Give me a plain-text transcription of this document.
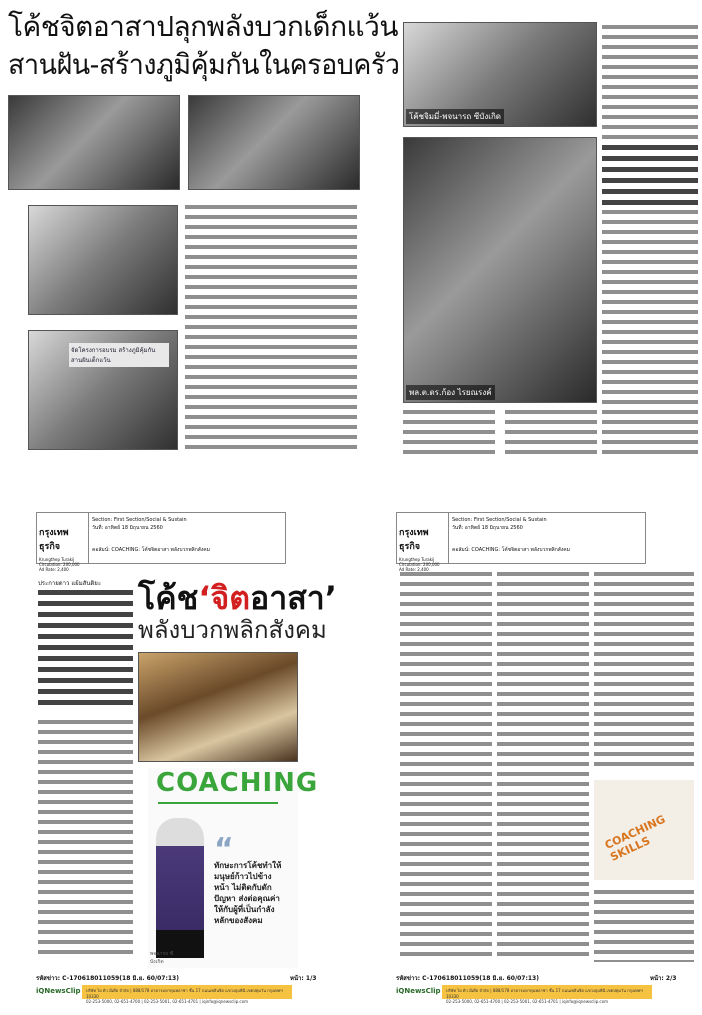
จัดโครงการอบรม สร้างภูมิคุ้มกัน สานฝันเด็กแว้น
โค้ชจิมมี่-พจนารถ ซีบังเกิด
พล.ต.ดร.ก้อง ไรยณรงค์
โค้ชจิตอาสาปลุกพลังบวกเด็กแว้น
สานฝัน-สร้างภูมิคุ้มกันในครอบครัว
กรุงเทพธุรกิจ
Krungthep Turakij
Circulation: 200,000
Ad Rate: 2,400
Section: First Section/Social & Sustain
วันที่: อาทิตย์ 18 มิถุนายน 2560
คอลัมน์: COACHING: โค้ชจิตอาสา พลังบวกพลิกสังคม
ประกายดาว แย้มสันติยะ โค้ช‘จิตอาสา’
พลังบวกพลิกสังคม
COACHING
พจนารถ ซีบังเกิด
“
ทักษะการโค้ชทำให้มนุษย์ก้าวไปข้างหน้า ไม่ติดกับดักปัญหา ส่งต่อคุณค่าให้กับผู้ที่เป็นกำลังหลักของสังคม
รหัสข่าว: C-170618011059(18 มิ.ย. 60/07:13)	หน้า: 1/3
iQNewsClip บริษัท ไอ คิว มีเดีย จำกัด | 888/178 อาคารมหาทุนพลาซ่า ชั้น 17 ถนนเพลินจิต แขวงลุมพินี เขตปทุมวัน กรุงเทพฯ 10330
02-253-5000, 02-651-4700 | 02-253-5001, 02-651-4701 | iqinfo@iqnewsclip.com
กรุงเทพธุรกิจ
Krungthep Turakij
Circulation: 200,000
Ad Rate: 2,400
Section: First Section/Social & Sustain
วันที่: อาทิตย์ 18 มิถุนายน 2560
คอลัมน์: COACHING: โค้ชจิตอาสา พลังบวกพลิกสังคม
COACHING SKILLS
รหัสข่าว: C-170618011059(18 มิ.ย. 60/07:13)	หน้า: 2/3
iQNewsClip บริษัท ไอ คิว มีเดีย จำกัด | 888/178 อาคารมหาทุนพลาซ่า ชั้น 17 ถนนเพลินจิต แขวงลุมพินี เขตปทุมวัน กรุงเทพฯ 10330
02-253-5000, 02-651-4700 | 02-253-5001, 02-651-4701 | iqinfo@iqnewsclip.com
